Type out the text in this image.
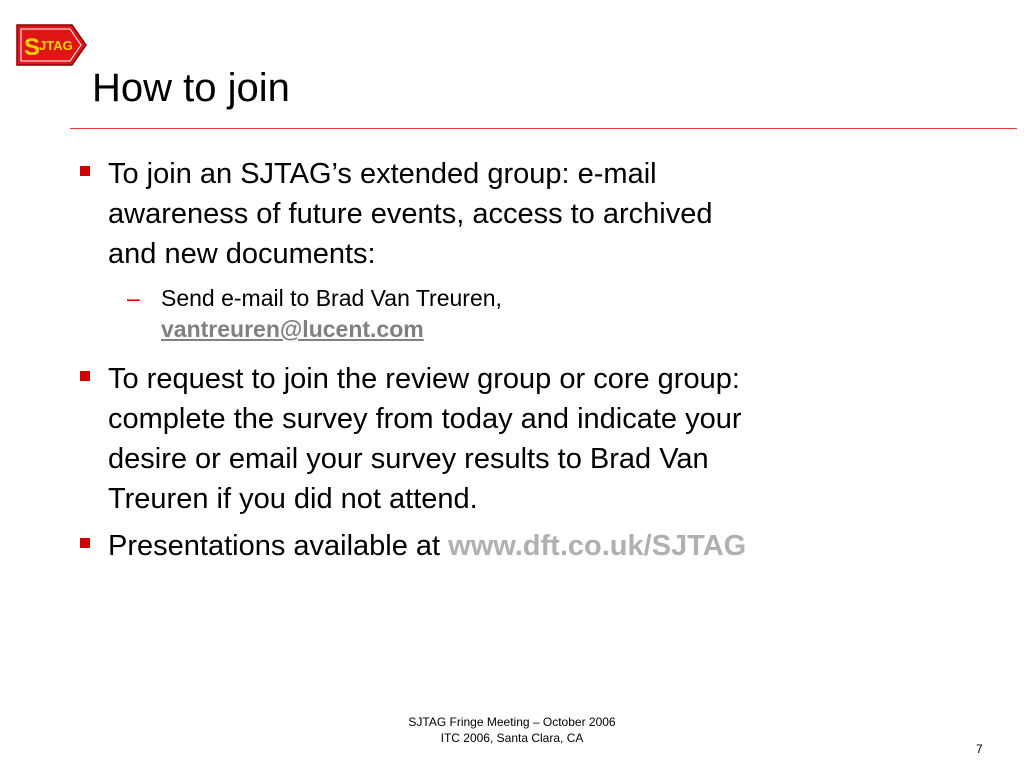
S
JTAG
How to join

To join an SJTAG’s extended group: e-mail

awareness of future events, access to archived

and new documents:

– Send e-mail to Brad Van Treuren,

vantreuren@lucent.com

To request to join the review group or core group:

complete the survey from today and indicate your

desire or email your survey results to Brad Van

Treuren if you did not attend.

Presentations available at www.dft.co.uk/SJTAG

SJTAG Fringe Meeting – October 2006
ITC 2006, Santa Clara, CA
7
